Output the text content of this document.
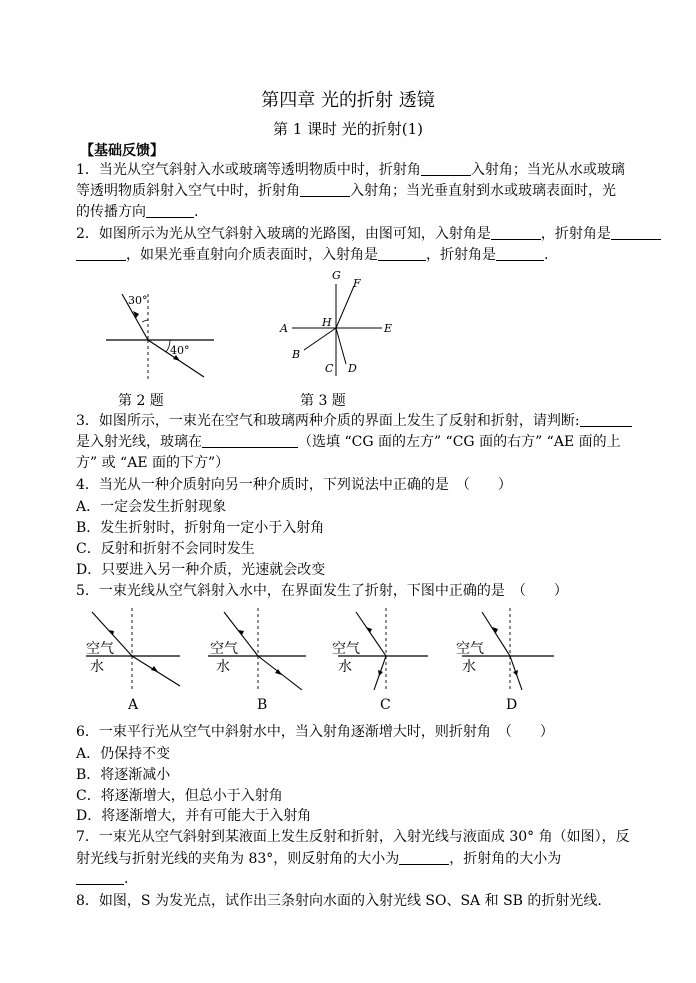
第四章 光的折射 透镜
第 1 课时 光的折射(1)
【基础反馈】
1．当光从空气斜射入水或玻璃等透明物质中时，折射角	入射角；当光从水或玻璃
等透明物质斜射入空气中时，折射角	入射角；当光垂直射到水或玻璃表面时，光
的传播方向	.
2．如图所示为光从空气斜射入玻璃的光路图，由图可知，入射角是	，折射角是
，如果光垂直射向介质表面时，入射角是	，折射角是	.
30°
40°
第 2 题
G
F
A	H	E
B
C D
第 3 题
3．如图所示，一束光在空气和玻璃两种介质的界面上发生了反射和折射，请判断:
是入射光线，玻璃在	（选填 “CG 面的左方” “CG 面的右方” “AE 面的上
方” 或 “AE 面的下方”）
4．当光从一种介质射向另一种介质时，下列说法中正确的是　（　　）
A．一定会发生折射现象
B．发生折射时，折射角一定小于入射角
C．反射和折射不会同时发生
D．只要进入另一种介质，光速就会改变
5．一束光线从空气斜射入水中，在界面发生了折射，下图中正确的是　（　　）
空气
水
A
空气
水
B
空气
水
C
空气
水
D
6．一束平行光从空气中斜射水中，当入射角逐渐增大时，则折射角　（　　）
A．仍保持不变
B．将逐渐减小
C．将逐渐增大，但总小于入射角
D．将逐渐增大，并有可能大于入射角
7．一束光从空气斜射到某液面上发生反射和折射，入射光线与液面成 30° 角（如图），反
射光线与折射光线的夹角为 83°，则反射角的大小为	，折射角的大小为
.
8．如图，S 为发光点，试作出三条射向水面的入射光线 SO、SA 和 SB 的折射光线.
